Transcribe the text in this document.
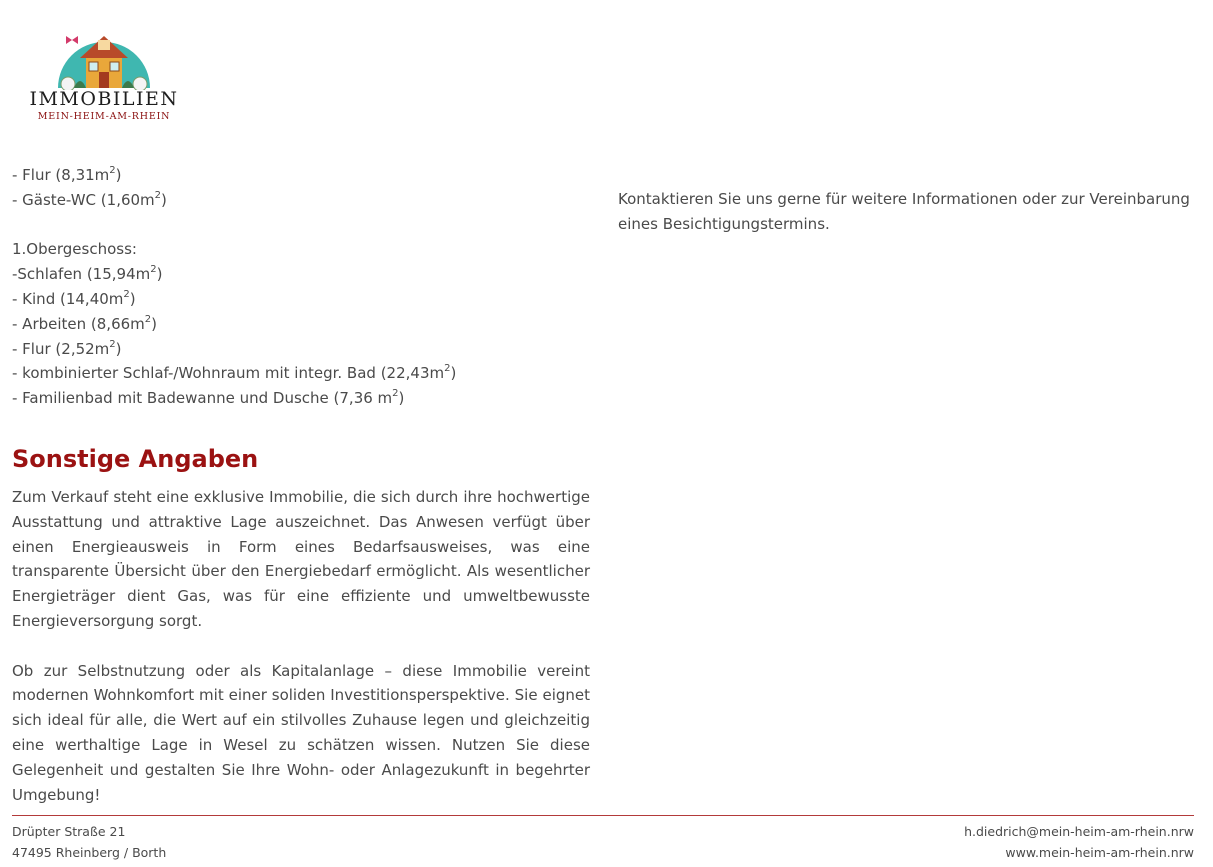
IMMOBILIEN
MEIN-HEIM-AM-RHEIN
- Flur $(8,31m^2)$
- Gäste-WC $(1,60m^2)$
1.Obergeschoss:
-Schlafen $(15,94m^2)$
- Kind $(14,40m^2)$
- Arbeiten $(8,66m^2)$
- Flur $(2,52m^2)$
- kombinierter Schlaf-/Wohnraum mit integr. Bad $(22,43m^2)$
- Familienbad mit Badewanne und Dusche (7,36 $m^2$)
Sonstige Angaben
Zum Verkauf steht eine exklusive Immobilie, die sich durch ihre hochwertige Ausstattung und attraktive Lage auszeichnet. Das Anwesen verfügt über einen Energieausweis in Form eines Bedarfsausweises, was eine transparente Übersicht über den Energiebedarf ermöglicht. Als wesentlicher Energieträger dient Gas, was für eine effiziente und umweltbewusste Energieversorgung sorgt.
Ob zur Selbstnutzung oder als Kapitalanlage – diese Immobilie vereint modernen Wohnkomfort mit einer soliden Investitionsperspektive. Sie eignet sich ideal für alle, die Wert auf ein stilvolles Zuhause legen und gleichzeitig eine werthaltige Lage in Wesel zu schätzen wissen. Nutzen Sie diese Gelegenheit und gestalten Sie Ihre Wohn- oder Anlagezukunft in begehrter Umgebung!
Kontaktieren Sie uns gerne für weitere Informationen oder zur Vereinbarung eines Besichtigungstermins.
Drüpter Straße 21
47495 Rheinberg / Borth
h.diedrich@mein-heim-am-rhein.nrw
www.mein-heim-am-rhein.nrw
